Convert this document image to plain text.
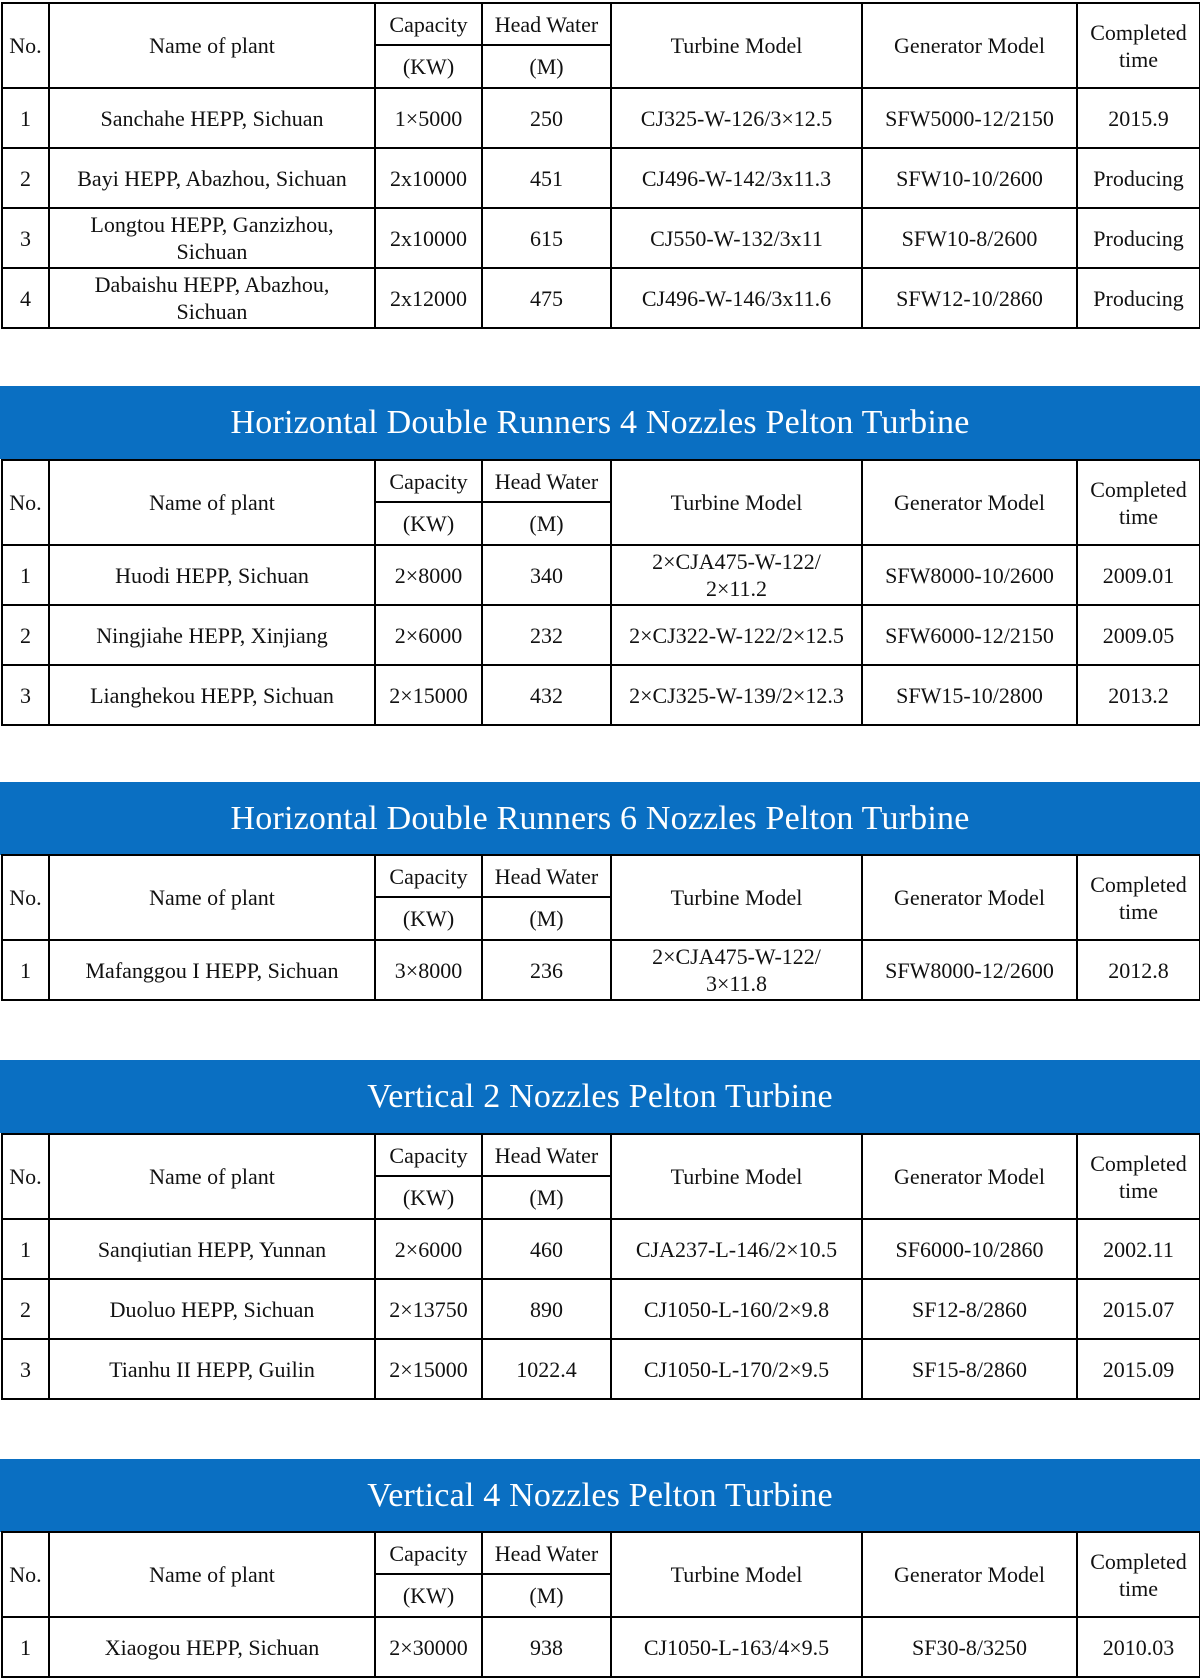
No.	Name of plant	Capacity	Head Water	Turbine Model	Generator Model	Completed time
		(KW)	(M)			
1	Sanchahe HEPP, Sichuan	1×5000	250	CJ325-W-126/3×12.5	SFW5000-12/2150	2015.9
2	Bayi HEPP, Abazhou, Sichuan	2x10000	451	CJ496-W-142/3x11.3	SFW10-10/2600	Producing
3	Longtou HEPP, Ganzizhou, Sichuan	2x10000	615	CJ550-W-132/3x11	SFW10-8/2600	Producing
4	Dabaishu HEPP, Abazhou, Sichuan	2x12000	475	CJ496-W-146/3x11.6	SFW12-10/2860	Producing
Horizontal Double Runners 4 Nozzles Pelton Turbine
No.	Name of plant	Capacity	Head Water	Turbine Model	Generator Model	Completed time
		(KW)	(M)			
1	Huodi HEPP, Sichuan	2×8000	340	2×CJA475-W-122/2×11.2	SFW8000-10/2600	2009.01
2	Ningjiahe HEPP, Xinjiang	2×6000	232	2×CJ322-W-122/2×12.5	SFW6000-12/2150	2009.05
3	Lianghekou HEPP, Sichuan	2×15000	432	2×CJ325-W-139/2×12.3	SFW15-10/2800	2013.2
Horizontal Double Runners 6 Nozzles Pelton Turbine
No.	Name of plant	Capacity	Head Water	Turbine Model	Generator Model	Completed time
		(KW)	(M)			
1	Mafanggou I HEPP, Sichuan	3×8000	236	2×CJA475-W-122/3×11.8	SFW8000-12/2600	2012.8
Vertical 2 Nozzles Pelton Turbine
No.	Name of plant	Capacity	Head Water	Turbine Model	Generator Model	Completed time
		(KW)	(M)			
1	Sanqiutian HEPP, Yunnan	2×6000	460	CJA237-L-146/2×10.5	SF6000-10/2860	2002.11
2	Duoluo HEPP, Sichuan	2×13750	890	CJ1050-L-160/2×9.8	SF12-8/2860	2015.07
3	Tianhu II HEPP, Guilin	2×15000	1022.4	CJ1050-L-170/2×9.5	SF15-8/2860	2015.09
Vertical 4 Nozzles Pelton Turbine
No.	Name of plant	Capacity	Head Water	Turbine Model	Generator Model	Completed time
		(KW)	(M)			
1	Xiaogou HEPP, Sichuan	2×30000	938	CJ1050-L-163/4×9.5	SF30-8/3250	2010.03
